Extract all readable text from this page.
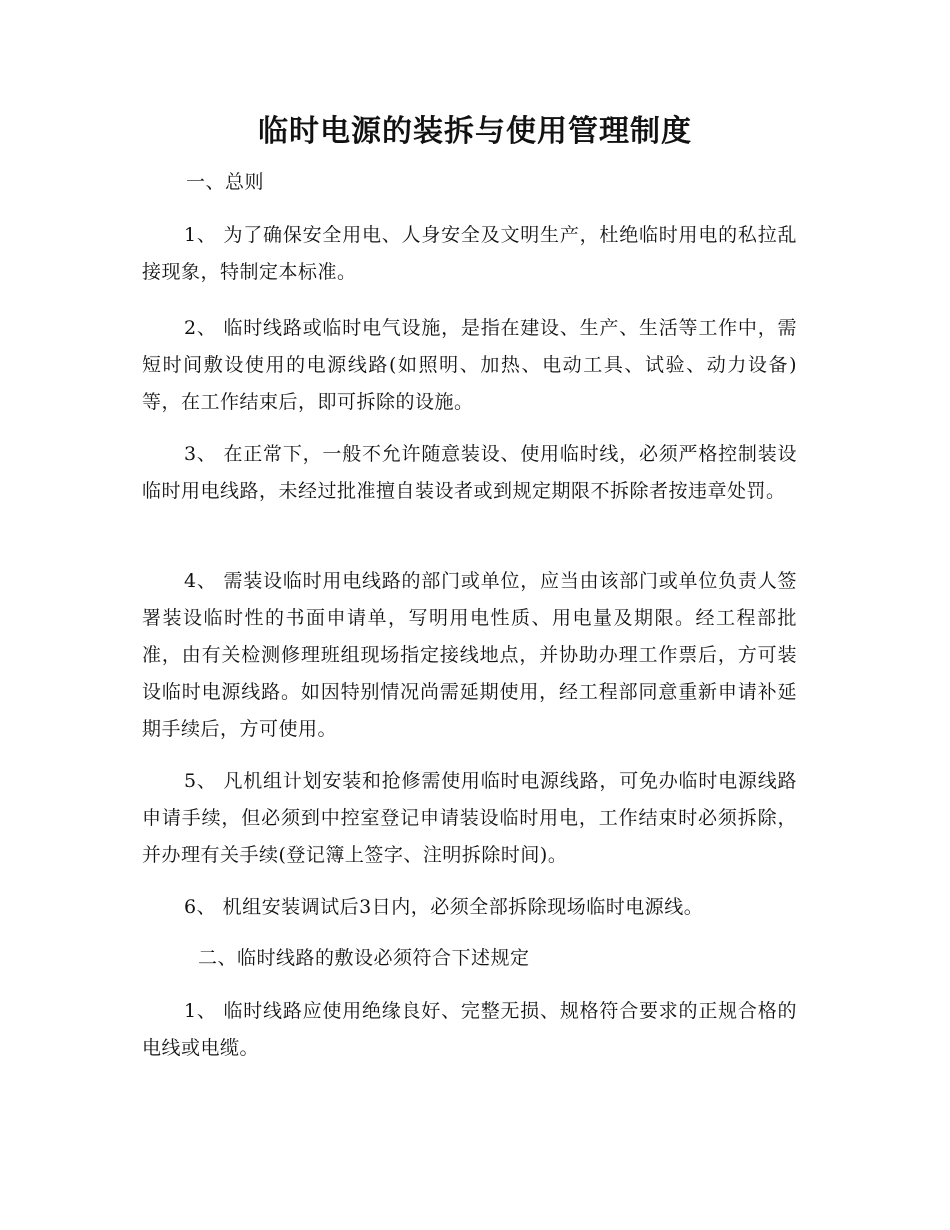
临时电源的装拆与使用管理制度

一、总则

1、 为了确保安全用电、人身安全及文明生产，杜绝临时用电的私拉乱接现象，特制定本标准。

2、 临时线路或临时电气设施，是指在建设、生产、生活等工作中，需短时间敷设使用的电源线路(如照明、加热、电动工具、试验、动力设备)等，在工作结束后，即可拆除的设施。

3、 在正常下，一般不允许随意装设、使用临时线，必须严格控制装设临时用电线路，未经过批准擅自装设者或到规定期限不拆除者按违章处罚。

4、 需装设临时用电线路的部门或单位，应当由该部门或单位负责人签署装设临时性的书面申请单，写明用电性质、用电量及期限。经工程部批准，由有关检测修理班组现场指定接线地点，并协助办理工作票后，方可装设临时电源线路。如因特别情况尚需延期使用，经工程部同意重新申请补延期手续后，方可使用。

5、 凡机组计划安装和抢修需使用临时电源线路，可免办临时电源线路申请手续，但必须到中控室登记申请装设临时用电，工作结束时必须拆除，并办理有关手续(登记簿上签字、注明拆除时间)。

6、 机组安装调试后3日内，必须全部拆除现场临时电源线。

二、临时线路的敷设必须符合下述规定

1、 临时线路应使用绝缘良好、完整无损、规格符合要求的正规合格的电线或电缆。
